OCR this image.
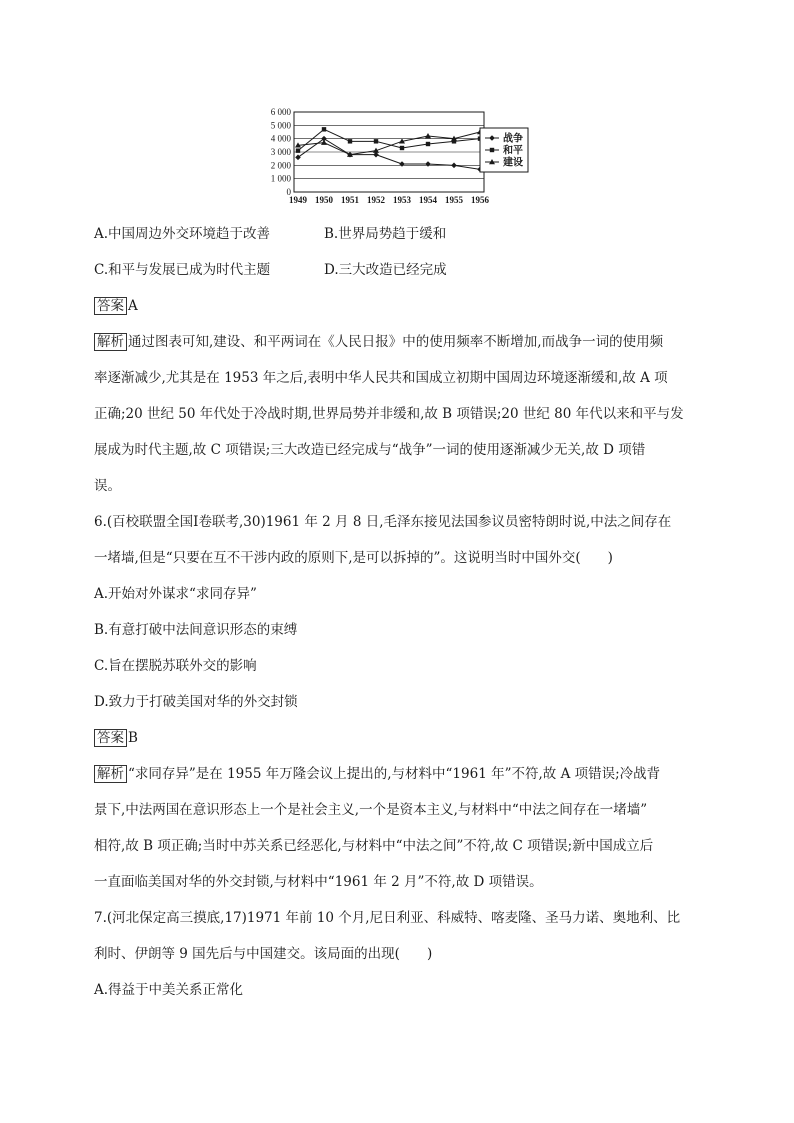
6 000
5 000
4 000
3 000
2 000
1 000
0
1949 1950 1951 1952 1953 1954 1955 1956
战争
和平
建设
A.中国周边外交环境趋于改善	B.世界局势趋于缓和
C.和平与发展已成为时代主题	D.三大改造已经完成
答案 A
解析 通过图表可知,建设、和平两词在《人民日报》中的使用频率不断增加,而战争一词的使用频
率逐渐减少,尤其是在 1953 年之后,表明中华人民共和国成立初期中国周边环境逐渐缓和,故 A 项
正确;20 世纪 50 年代处于冷战时期,世界局势并非缓和,故 B 项错误;20 世纪 80 年代以来和平与发
展成为时代主题,故 C 项错误;三大改造已经完成与“战争”一词的使用逐渐减少无关,故 D 项错
误。
6.(百校联盟全国Ⅰ卷联考,30)1961 年 2 月 8 日,毛泽东接见法国参议员密特朗时说,中法之间存在
一堵墙,但是“只要在互不干涉内政的原则下,是可以拆掉的”。这说明当时中国外交(　　)
A.开始对外谋求“求同存异”
B.有意打破中法间意识形态的束缚
C.旨在摆脱苏联外交的影响
D.致力于打破美国对华的外交封锁
答案 B
解析 “求同存异”是在 1955 年万隆会议上提出的,与材料中“1961 年”不符,故 A 项错误;冷战背
景下,中法两国在意识形态上一个是社会主义,一个是资本主义,与材料中“中法之间存在一堵墙”
相符,故 B 项正确;当时中苏关系已经恶化,与材料中“中法之间”不符,故 C 项错误;新中国成立后
一直面临美国对华的外交封锁,与材料中“1961 年 2 月”不符,故 D 项错误。
7.(河北保定高三摸底,17)1971 年前 10 个月,尼日利亚、科威特、喀麦隆、圣马力诺、奥地利、比
利时、伊朗等 9 国先后与中国建交。该局面的出现(　　)
A.得益于中美关系正常化
